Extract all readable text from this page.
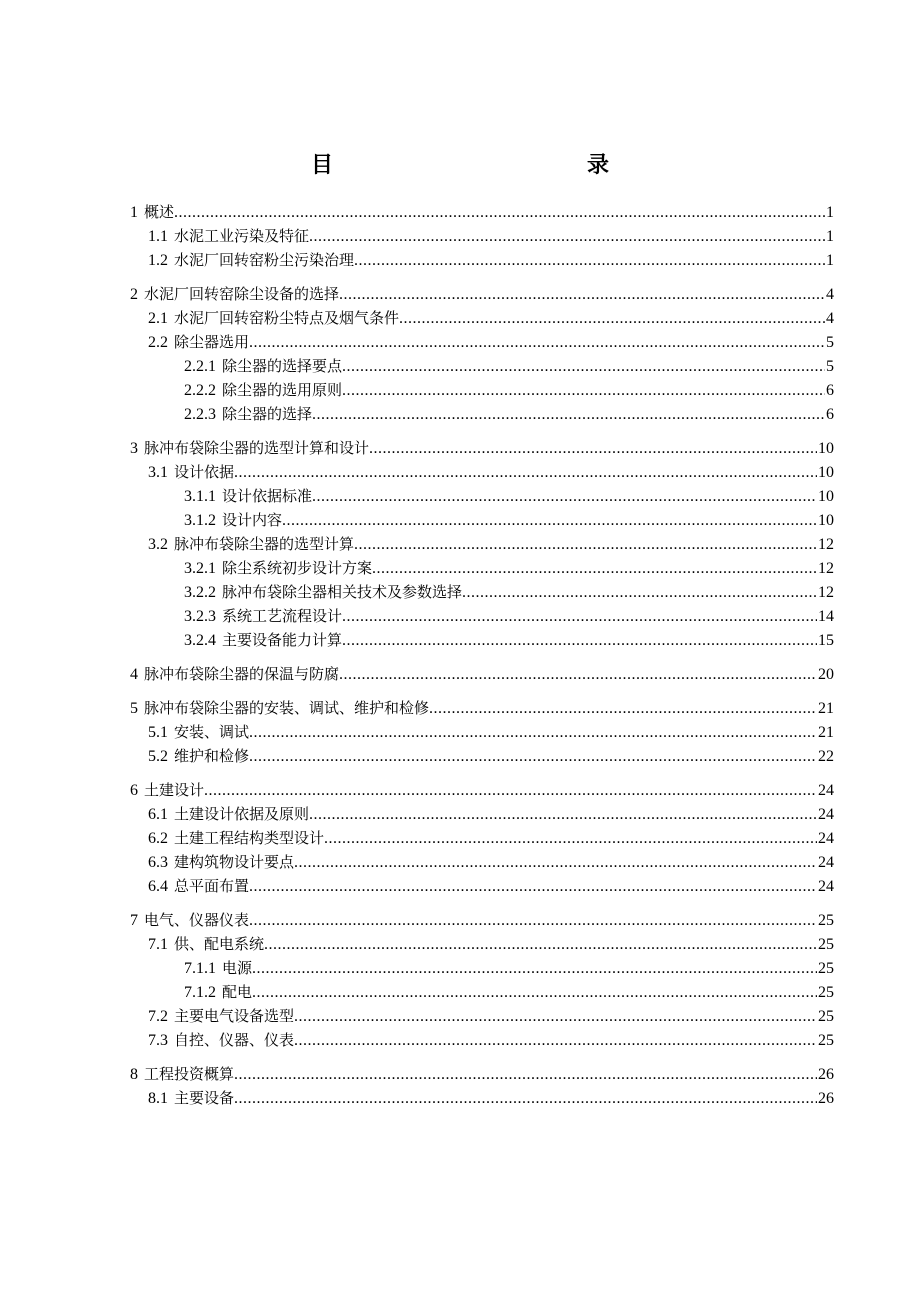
目　　录
1 概述 .....	1
1.1 水泥工业污染及特征 .....	1
1.2 水泥厂回转窑粉尘污染治理 .....	1
2 水泥厂回转窑除尘设备的选择 .....	4
2.1 水泥厂回转窑粉尘特点及烟气条件 .....	4
2.2 除尘器选用 .....	5
2.2.1 除尘器的选择要点 .....	5
2.2.2 除尘器的选用原则 .....	6
2.2.3 除尘器的选择 .....	6
3 脉冲布袋除尘器的选型计算和设计 .....	10
3.1 设计依据 .....	10
3.1.1 设计依据标准 .....	10
3.1.2 设计内容 .....	10
3.2 脉冲布袋除尘器的选型计算 .....	12
3.2.1 除尘系统初步设计方案 .....	12
3.2.2 脉冲布袋除尘器相关技术及参数选择 .....	12
3.2.3 系统工艺流程设计 .....	14
3.2.4 主要设备能力计算 .....	15
4 脉冲布袋除尘器的保温与防腐 .....	20
5 脉冲布袋除尘器的安装、调试、维护和检修 .....	21
5.1 安装、调试 .....	21
5.2 维护和检修 .....	22
6 土建设计 .....	24
6.1 土建设计依据及原则 .....	24
6.2 土建工程结构类型设计 .....	24
6.3 建构筑物设计要点 .....	24
6.4 总平面布置 .....	24
7 电气、仪器仪表 .....	25
7.1 供、配电系统 .....	25
7.1.1 电源 .....	25
7.1.2 配电 .....	25
7.2 主要电气设备选型 .....	25
7.3 自控、仪器、仪表 .....	25
8 工程投资概算 .....	26
8.1 主要设备 .....	26
